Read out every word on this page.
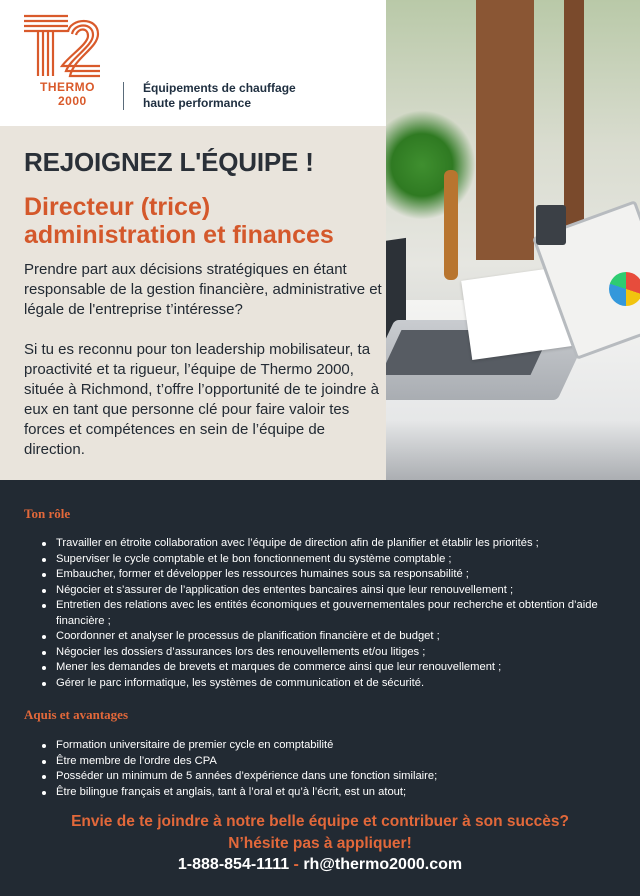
THERMO
2000
Équipements de chauffage
haute performance
REJOIGNEZ L'ÉQUIPE !
Directeur (trice)
administration et finances

Prendre part aux décisions stratégiques en étant responsable de la gestion financière, administrative et légale de l'entreprise t’intéresse?

Si tu es reconnu pour ton leadership mobilisateur, ta proactivité et ta rigueur, l’équipe de Thermo 2000, située à Richmond, t’offre l’opportunité de te joindre à eux en tant que personne clé pour faire valoir tes forces et compétences en sein de l’équipe de direction.

Ton rôle
Travailler en étroite collaboration avec l’équipe de direction afin de planifier et établir les priorités ;
Superviser le cycle comptable et le bon fonctionnement du système comptable ;
Embaucher, former et développer les ressources humaines sous sa responsabilité ;
Négocier et s’assurer de l’application des ententes bancaires ainsi que leur renouvellement ;
Entretien des relations avec les entités économiques et gouvernementales pour recherche et obtention d’aide financière ;
Coordonner et analyser le processus de planification financière et de budget ;
Négocier les dossiers d’assurances lors des renouvellements et/ou litiges ;
Mener les demandes de brevets et marques de commerce ainsi que leur renouvellement ;
Gérer le parc informatique, les systèmes de communication et de sécurité.
Aquis et avantages
Formation universitaire de premier cycle en comptabilité
Être membre de l’ordre des CPA
Posséder un minimum de 5 années d’expérience dans une fonction similaire;
Être bilingue français et anglais, tant à l’oral et qu’à l’écrit, est un atout;
Envie de te joindre à notre belle équipe et contribuer à son succès?
N’hésite pas à appliquer!
1-888-854-1111 - rh@thermo2000.com
